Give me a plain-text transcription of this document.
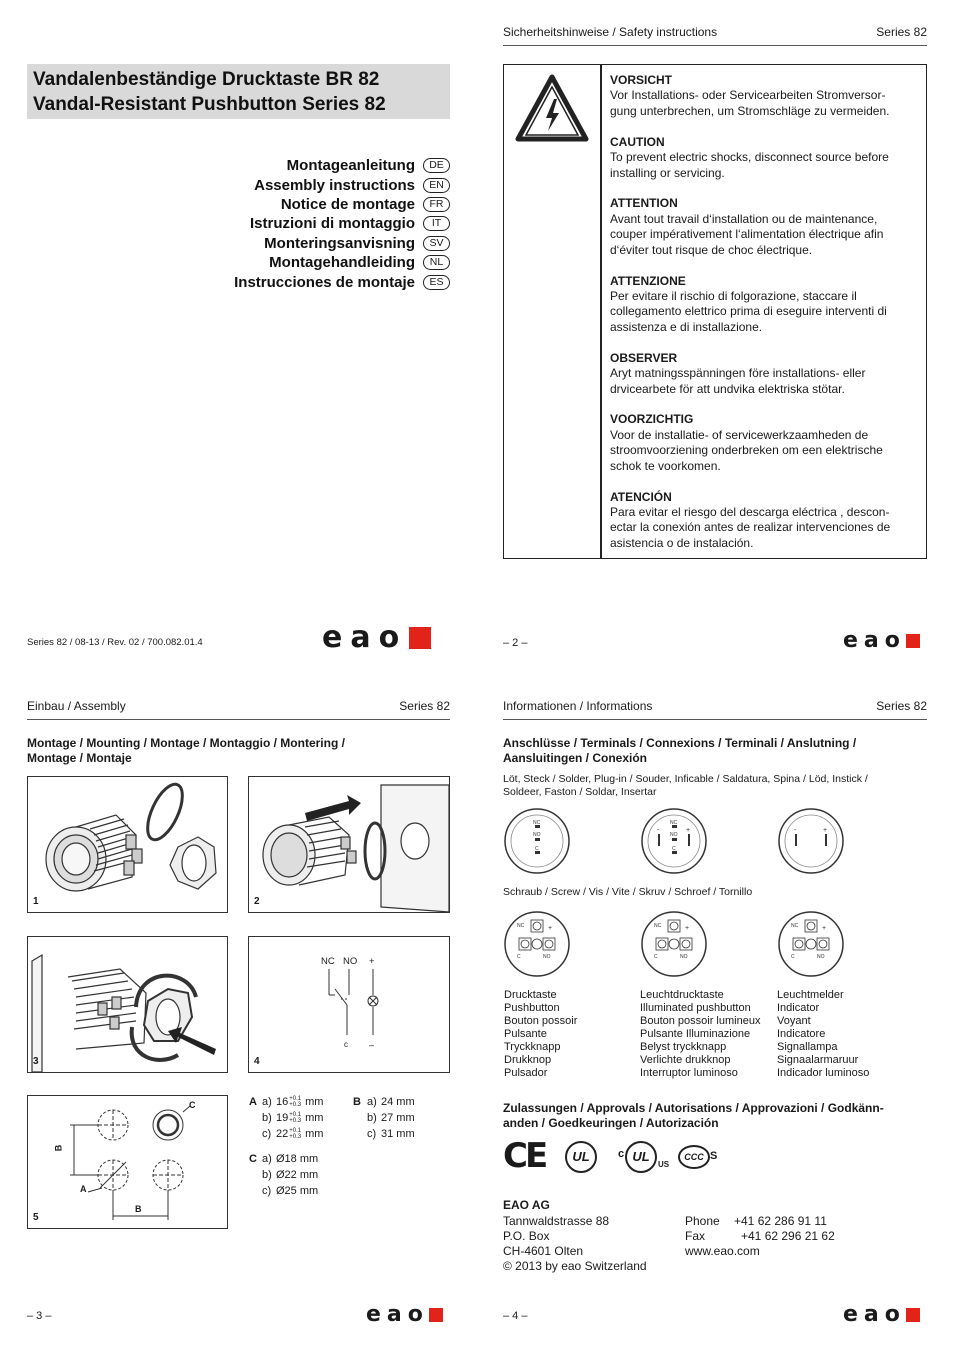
Vandalenbeständige Drucktaste BR 82
Vandal-Resistant Pushbutton Series 82
Montageanleitung	DE
Assembly instructions	EN
Notice de montage	FR
Istruzioni di montaggio	IT
Monteringsanvisning	SV
Montagehandleiding	NL
Instrucciones de montaje	ES
Series 82 / 08-13 / Rev. 02 / 700.082.01.4	eao
Sicherheitshinweise / Safety instructions	Series 82
VORSICHT
Vor Installations- oder Servicearbeiten Stromversor-
gung unterbrechen, um Stromschläge zu vermeiden.
CAUTION
To prevent electric shocks, disconnect source before
installing or servicing.
ATTENTION
Avant tout travail d‘installation ou de maintenance,
couper impérativement l‘alimentation électrique afin
d‘éviter tout risque de choc électrique.
ATTENZIONE
Per evitare il rischio di folgorazione, staccare il
collegamento elettrico prima di eseguire interventi di
assistenza e di installazione.
OBSERVER
Aryt matningsspänningen före installations- eller
drvicearbete för att undvika elektriska stötar.
VOORZICHTIG
Voor de installatie- of servicewerkzaamheden de
stroomvoorziening onderbreken om een elektrische
schok te voorkomen.
ATENCIÓN
Para evitar el riesgo del descarga eléctrica , descon-
ectar la conexión antes de realizar intervenciones de
asistencia o de instalación.
– 2 –	eao
Einbau / Assembly	Series 82
Montage / Mounting / Montage / Montaggio / Montering /
Montage / Montaje
1	2
3
NC NO +
c –
4
B
B
A
C
5
A a) 16 +0.1
+0.3 mm
b) 19 +0.1
+0.3 mm
c) 22 +0.1
+0.3 mm
B a) 24 mm
b) 27 mm
c) 31 mm
C a) Ø18 mm
b) Ø22 mm
c) Ø25 mm
– 3 –	eao
Informationen / Informations	Series 82
Anschlüsse / Terminals / Connexions / Terminali / Anslutning /
Aansluitingen / Conexión
Löt, Steck / Solder, Plug-in / Souder, Inficable / Saldatura, Spina / Löd, Instick /
Soldeer, Faston / Soldar, Insertar
NC
NO
C
NC
NO
C
-	+	-	+
Schraub / Screw / Vis / Vite / Skruv / Schroef / Tornillo
NC
NO
C
+	NC
NO
C
+	NC
NO
C
+
Drucktaste
Pushbutton
Bouton possoir
Pulsante
Tryckknapp
Drukknop
Pulsador
Leuchtdrucktaste
Illuminated pushbutton
Bouton possoir lumineux
Pulsante Illuminazione
Belyst tryckknapp
Verlichte drukknop
Interruptor luminoso
Leuchtmelder
Indicator
Voyant
Indicatore
Signallampa
Signaalarmaruur
Indicador luminoso
Zulassungen / Approvals / Autorisations / Approvazioni / Godkänn-
anden / Goedkeuringen / Autorización
CE	UL	c UL
US
CCC S
EAO AG
Tannwaldstrasse 88
P.O. Box
CH-4601 Olten
© 2013 by eao Switzerland
Phone	+41 62 286 91 11
Fax	+41 62 296 21 62
www.eao.com
– 4 –	eao
